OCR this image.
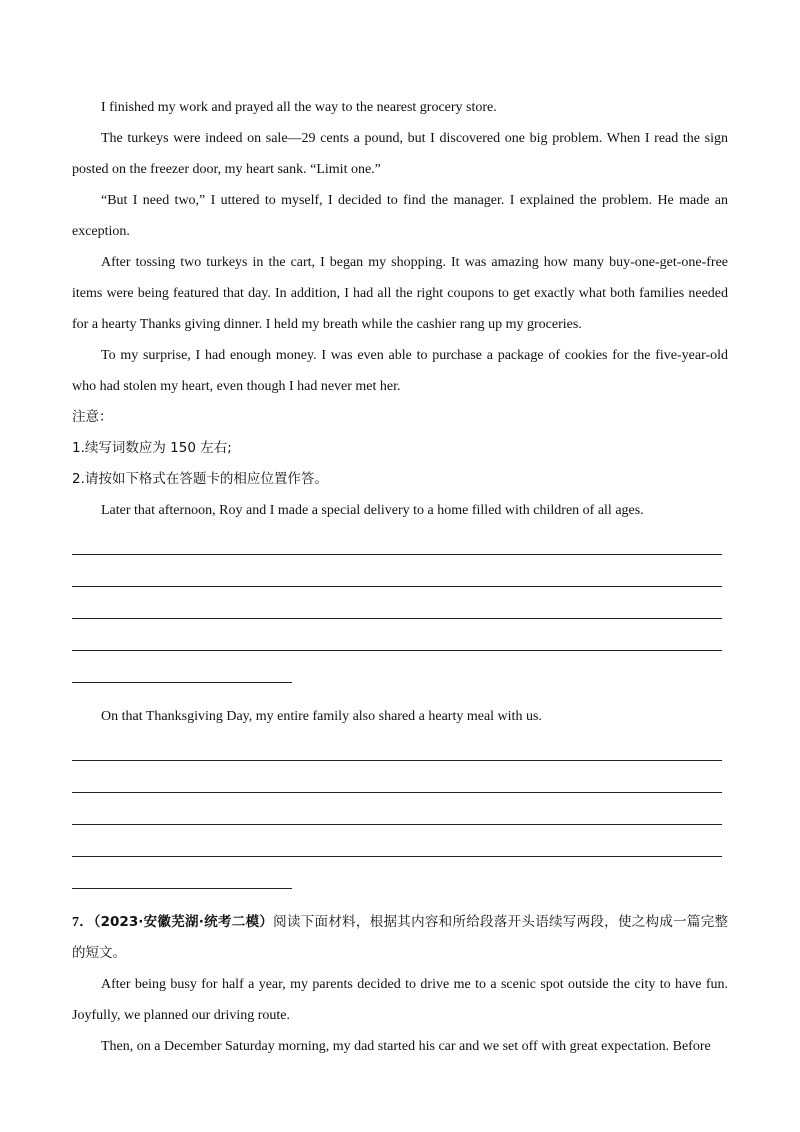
I finished my work and prayed all the way to the nearest grocery store.

The turkeys were indeed on sale—29 cents a pound, but I discovered one big problem. When I read the sign posted on the freezer door, my heart sank. “Limit one.”

“But I need two,” I uttered to myself, I decided to find the manager. I explained the problem. He made an exception.

After tossing two turkeys in the cart, I began my shopping. It was amazing how many buy-one-get-one-free items were being featured that day. In addition, I had all the right coupons to get exactly what both families needed for a hearty Thanks giving dinner. I held my breath while the cashier rang up my groceries.

To my surprise, I had enough money. I was even able to purchase a package of cookies for the five-year-old who had stolen my heart, even though I had never met her.

注意：

1.续写词数应为 150 左右;

2.请按如下格式在答题卡的相应位置作答。

Later that afternoon, Roy and I made a special delivery to a home filled with children of all ages.

On that Thanksgiving Day, my entire family also shared a hearty meal with us.

7．（2023·安徽芜湖·统考二模）阅读下面材料，根据其内容和所给段落开头语续写两段，使之构成一篇完整的短文。

After being busy for half a year, my parents decided to drive me to a scenic spot outside the city to have fun. Joyfully, we planned our driving route.

Then, on a December Saturday morning, my dad started his car and we set off with great expectation. Before
